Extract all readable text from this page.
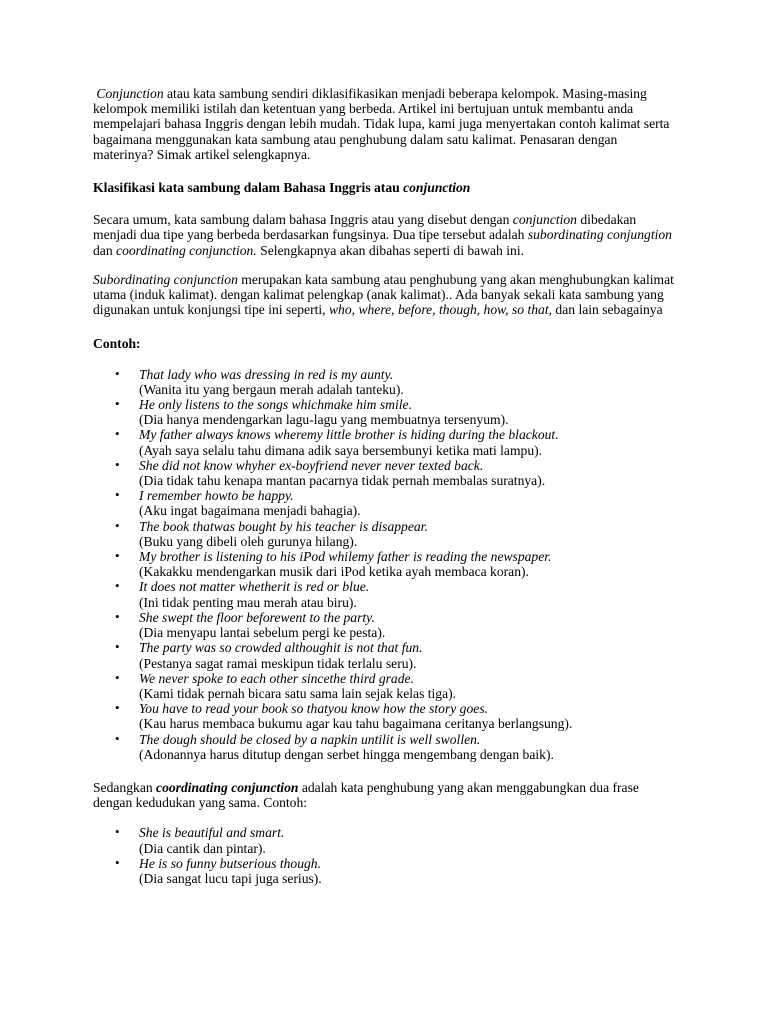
Conjunction atau kata sambung sendiri diklasifikasikan menjadi beberapa kelompok. Masing-masing kelompok memiliki istilah dan ketentuan yang berbeda. Artikel ini bertujuan untuk membantu anda mempelajari bahasa Inggris dengan lebih mudah. Tidak lupa, kami juga menyertakan contoh kalimat serta bagaimana menggunakan kata sambung atau penghubung dalam satu kalimat. Penasaran dengan materinya? Simak artikel selengkapnya.

Klasifikasi kata sambung dalam Bahasa Inggris atau conjunction

Secara umum, kata sambung dalam bahasa Inggris atau yang disebut dengan conjunction dibedakan menjadi dua tipe yang berbeda berdasarkan fungsinya. Dua tipe tersebut adalah subordinating conjungtion dan coordinating conjunction. Selengkapnya akan dibahas seperti di bawah ini.

Subordinating conjunction merupakan kata sambung atau penghubung yang akan menghubungkan kalimat utama (induk kalimat). dengan kalimat pelengkap (anak kalimat).. Ada banyak sekali kata sambung yang digunakan untuk konjungsi tipe ini seperti, who, where, before, though, how, so that, dan lain sebagainya

Contoh:

• That lady who was dressing in red is my aunty.
(Wanita itu yang bergaun merah adalah tanteku).
• He only listens to the songs whichmake him smile.
(Dia hanya mendengarkan lagu-lagu yang membuatnya tersenyum).
• My father always knows wheremy little brother is hiding during the blackout.
(Ayah saya selalu tahu dimana adik saya bersembunyi ketika mati lampu).
• She did not know whyher ex-boyfriend never never texted back.
(Dia tidak tahu kenapa mantan pacarnya tidak pernah membalas suratnya).
• I remember howto be happy.
(Aku ingat bagaimana menjadi bahagia).
• The book thatwas bought by his teacher is disappear.
(Buku yang dibeli oleh gurunya hilang).
• My brother is listening to his iPod whilemy father is reading the newspaper.
(Kakakku mendengarkan musik dari iPod ketika ayah membaca koran).
• It does not matter whetherit is red or blue.
(Ini tidak penting mau merah atau biru).
• She swept the floor beforewent to the party.
(Dia menyapu lantai sebelum pergi ke pesta).
• The party was so crowded althoughit is not that fun.
(Pestanya sagat ramai meskipun tidak terlalu seru).
• We never spoke to each other sincethe third grade.
(Kami tidak pernah bicara satu sama lain sejak kelas tiga).
• You have to read your book so thatyou know how the story goes.
(Kau harus membaca bukumu agar kau tahu bagaimana ceritanya berlangsung).
• The dough should be closed by a napkin untilit is well swollen.
(Adonannya harus ditutup dengan serbet hingga mengembang dengan baik).

Sedangkan coordinating conjunction adalah kata penghubung yang akan menggabungkan dua frase dengan kedudukan yang sama. Contoh:

• She is beautiful and smart.
(Dia cantik dan pintar).
• He is so funny butserious though.
(Dia sangat lucu tapi juga serius).
